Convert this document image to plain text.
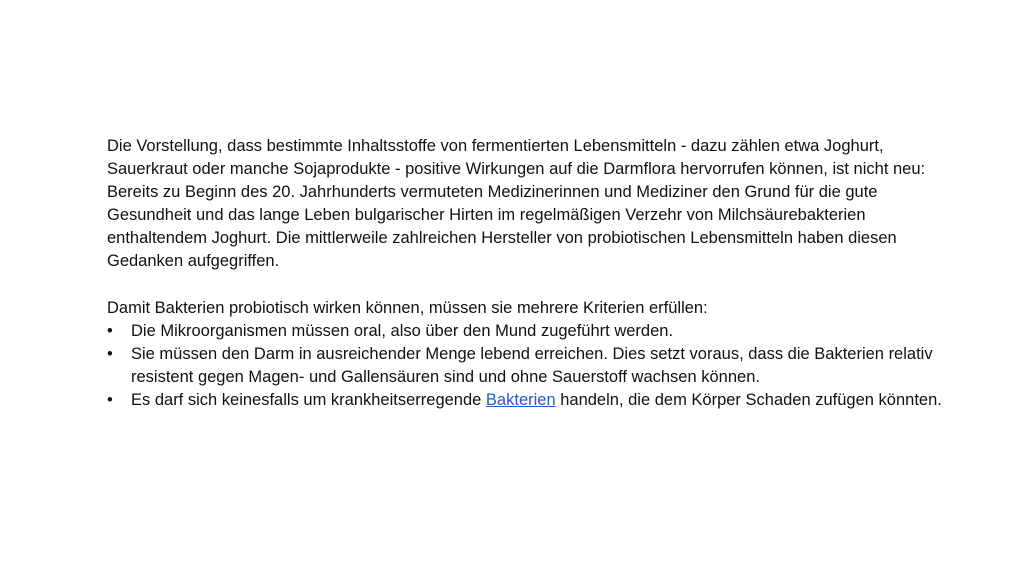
Die Vorstellung, dass bestimmte Inhaltsstoffe von fermentierten Lebensmitteln - dazu zählen etwa Joghurt, Sauerkraut oder manche Sojaprodukte - positive Wirkungen auf die Darmflora hervorrufen können, ist nicht neu: Bereits zu Beginn des 20. Jahrhunderts vermuteten Medizinerinnen und Mediziner den Grund für die gute Gesundheit und das lange Leben bulgarischer Hirten im regelmäßigen Verzehr von Milchsäurebakterien enthaltendem Joghurt. Die mittlerweile zahlreichen Hersteller von probiotischen Lebensmitteln haben diesen Gedanken aufgegriffen.

Damit Bakterien probiotisch wirken können, müssen sie mehrere Kriterien erfüllen:

• Die Mikroorganismen müssen oral, also über den Mund zugeführt werden.
• Sie müssen den Darm in ausreichender Menge lebend erreichen. Dies setzt voraus, dass die Bakterien relativ resistent gegen Magen- und Gallensäuren sind und ohne Sauerstoff wachsen können.
• Es darf sich keinesfalls um krankheitserregende Bakterien handeln, die dem Körper Schaden zufügen könnten.
